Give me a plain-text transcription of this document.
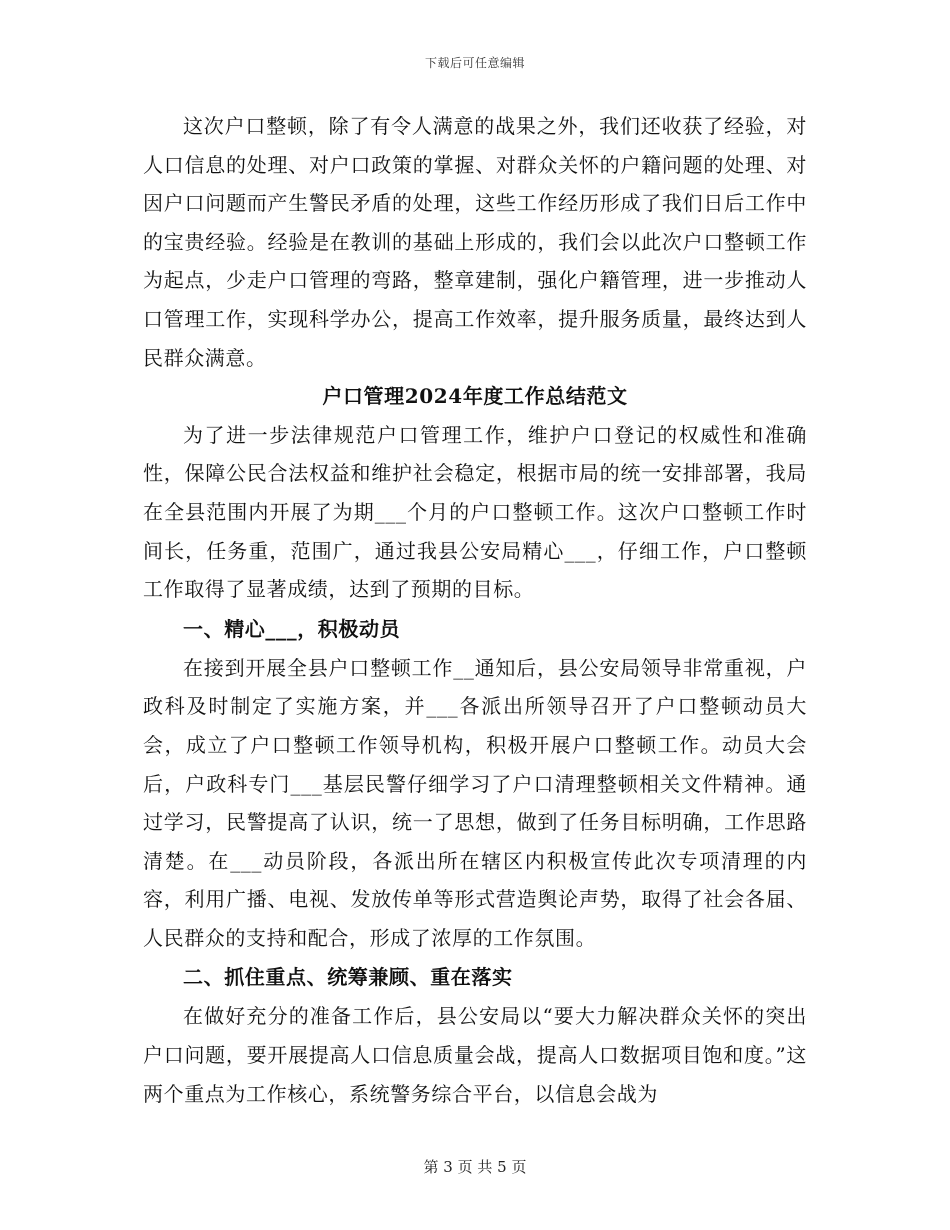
下载后可任意编辑

这次户口整顿，除了有令人满意的战果之外，我们还收获了经验，对人口信息的处理、对户口政策的掌握、对群众关怀的户籍问题的处理、对因户口问题而产生警民矛盾的处理，这些工作经历形成了我们日后工作中的宝贵经验。经验是在教训的基础上形成的，我们会以此次户口整顿工作为起点，少走户口管理的弯路，整章建制，强化户籍管理，进一步推动人口管理工作，实现科学办公，提高工作效率，提升服务质量，最终达到人民群众满意。

户口管理2024年度工作总结范文

为了进一步法律规范户口管理工作，维护户口登记的权威性和准确性，保障公民合法权益和维护社会稳定，根据市局的统一安排部署，我局在全县范围内开展了为期___个月的户口整顿工作。这次户口整顿工作时间长，任务重，范围广，通过我县公安局精心___，仔细工作，户口整顿工作取得了显著成绩，达到了预期的目标。

一、精心___，积极动员

在接到开展全县户口整顿工作__通知后，县公安局领导非常重视，户政科及时制定了实施方案，并___各派出所领导召开了户口整顿动员大会，成立了户口整顿工作领导机构，积极开展户口整顿工作。动员大会后，户政科专门___基层民警仔细学习了户口清理整顿相关文件精神。通过学习，民警提高了认识，统一了思想，做到了任务目标明确，工作思路清楚。在___动员阶段，各派出所在辖区内积极宣传此次专项清理的内容，利用广播、电视、发放传单等形式营造舆论声势，取得了社会各届、人民群众的支持和配合，形成了浓厚的工作氛围。

二、抓住重点、统筹兼顾、重在落实

在做好充分的准备工作后，县公安局以“要大力解决群众关怀的突出户口问题，要开展提高人口信息质量会战，提高人口数据项目饱和度。”这两个重点为工作核心，系统警务综合平台，以信息会战为

第 3 页 共 5 页
